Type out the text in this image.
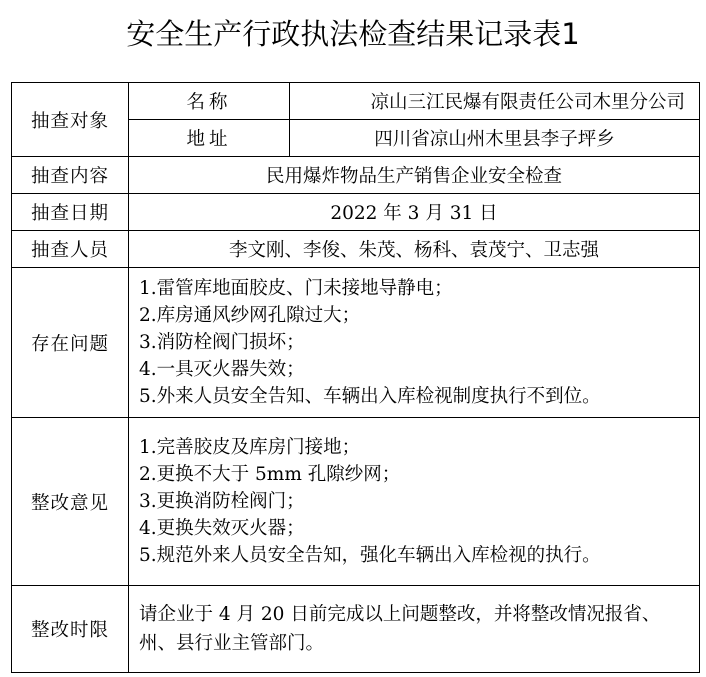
安全生产行政执法检查结果记录表1
抽查对象	名称	凉山三江民爆有限责任公司木里分公司
	地址	四川省凉山州木里县李子坪乡
抽查内容	民用爆炸物品生产销售企业安全检查	
抽查日期	2022 年 3 月 31 日	
抽查人员	李文刚、李俊、朱茂、杨科、袁茂宁、卫志强	
存在问题	1.雷管库地面胶皮、门未接地导静电；
2.库房通风纱网孔隙过大；
3.消防栓阀门损坏；
4.一具灭火器失效；
5.外来人员安全告知、车辆出入库检视制度执行不到位。	

整改意见	1.完善胶皮及库房门接地；
2.更换不大于 5mm 孔隙纱网；
3.更换消防栓阀门；
4.更换失效灭火器；
5.规范外来人员安全告知，强化车辆出入库检视的执行。	

整改时限	请企业于 4 月 20 日前完成以上问题整改，并将整改情况报省、州、县行业主管部门。	
